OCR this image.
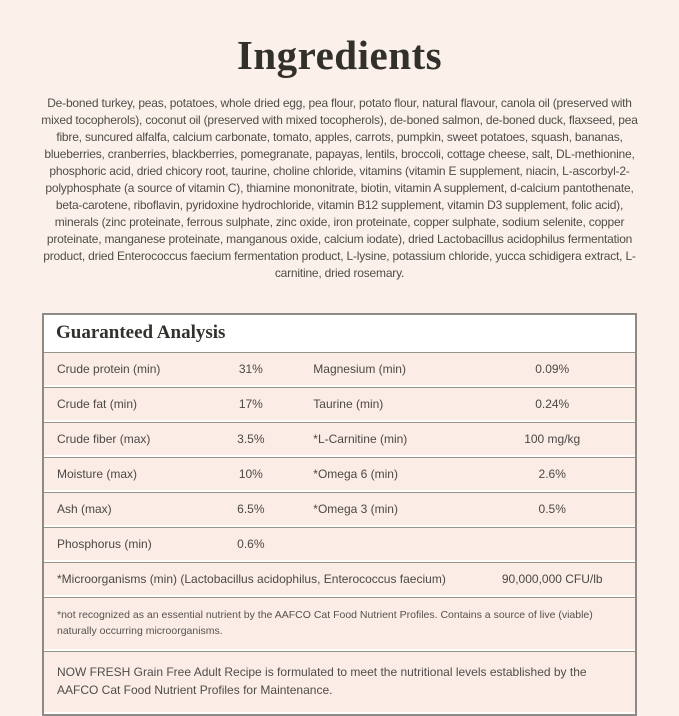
Ingredients

De-boned turkey, peas, potatoes, whole dried egg, pea flour, potato flour, natural flavour, canola oil (preserved with mixed tocopherols), coconut oil (preserved with mixed tocopherols), de-boned salmon, de-boned duck, flaxseed, pea fibre, suncured alfalfa, calcium carbonate, tomato, apples, carrots, pumpkin, sweet potatoes, squash, bananas, blueberries, cranberries, blackberries, pomegranate, papayas, lentils, broccoli, cottage cheese, salt, DL-methionine, phosphoric acid, dried chicory root, taurine, choline chloride, vitamins (vitamin E supplement, niacin, L-ascorbyl-2-polyphosphate (a source of vitamin C), thiamine mononitrate, biotin, vitamin A supplement, d-calcium pantothenate, beta-carotene, riboflavin, pyridoxine hydrochloride, vitamin B12 supplement, vitamin D3 supplement, folic acid), minerals (zinc proteinate, ferrous sulphate, zinc oxide, iron proteinate, copper sulphate, sodium selenite, copper proteinate, manganese proteinate, manganous oxide, calcium iodate), dried Lactobacillus acidophilus fermentation product, dried Enterococcus faecium fermentation product, L-lysine, potassium chloride, yucca schidigera extract, L-carnitine, dried rosemary.

Guaranteed Analysis
Crude protein (min)	31%	Magnesium (min)	0.09%
Crude fat (min)	17%	Taurine (min)	0.24%
Crude fiber (max)	3.5%	*L-Carnitine (min)	100 mg/kg
Moisture (max)	10%	*Omega 6 (min)	2.6%
Ash (max)	6.5%	*Omega 3 (min)	0.5%
Phosphorus (min)	0.6%
*Microorganisms (min) (Lactobacillus acidophilus, Enterococcus faecium)	90,000,000 CFU/lb
*not recognized as an essential nutrient by the AAFCO Cat Food Nutrient Profiles. Contains a source of live (viable) naturally occurring microorganisms.
NOW FRESH Grain Free Adult Recipe is formulated to meet the nutritional levels established by the AAFCO Cat Food Nutrient Profiles for Maintenance.
